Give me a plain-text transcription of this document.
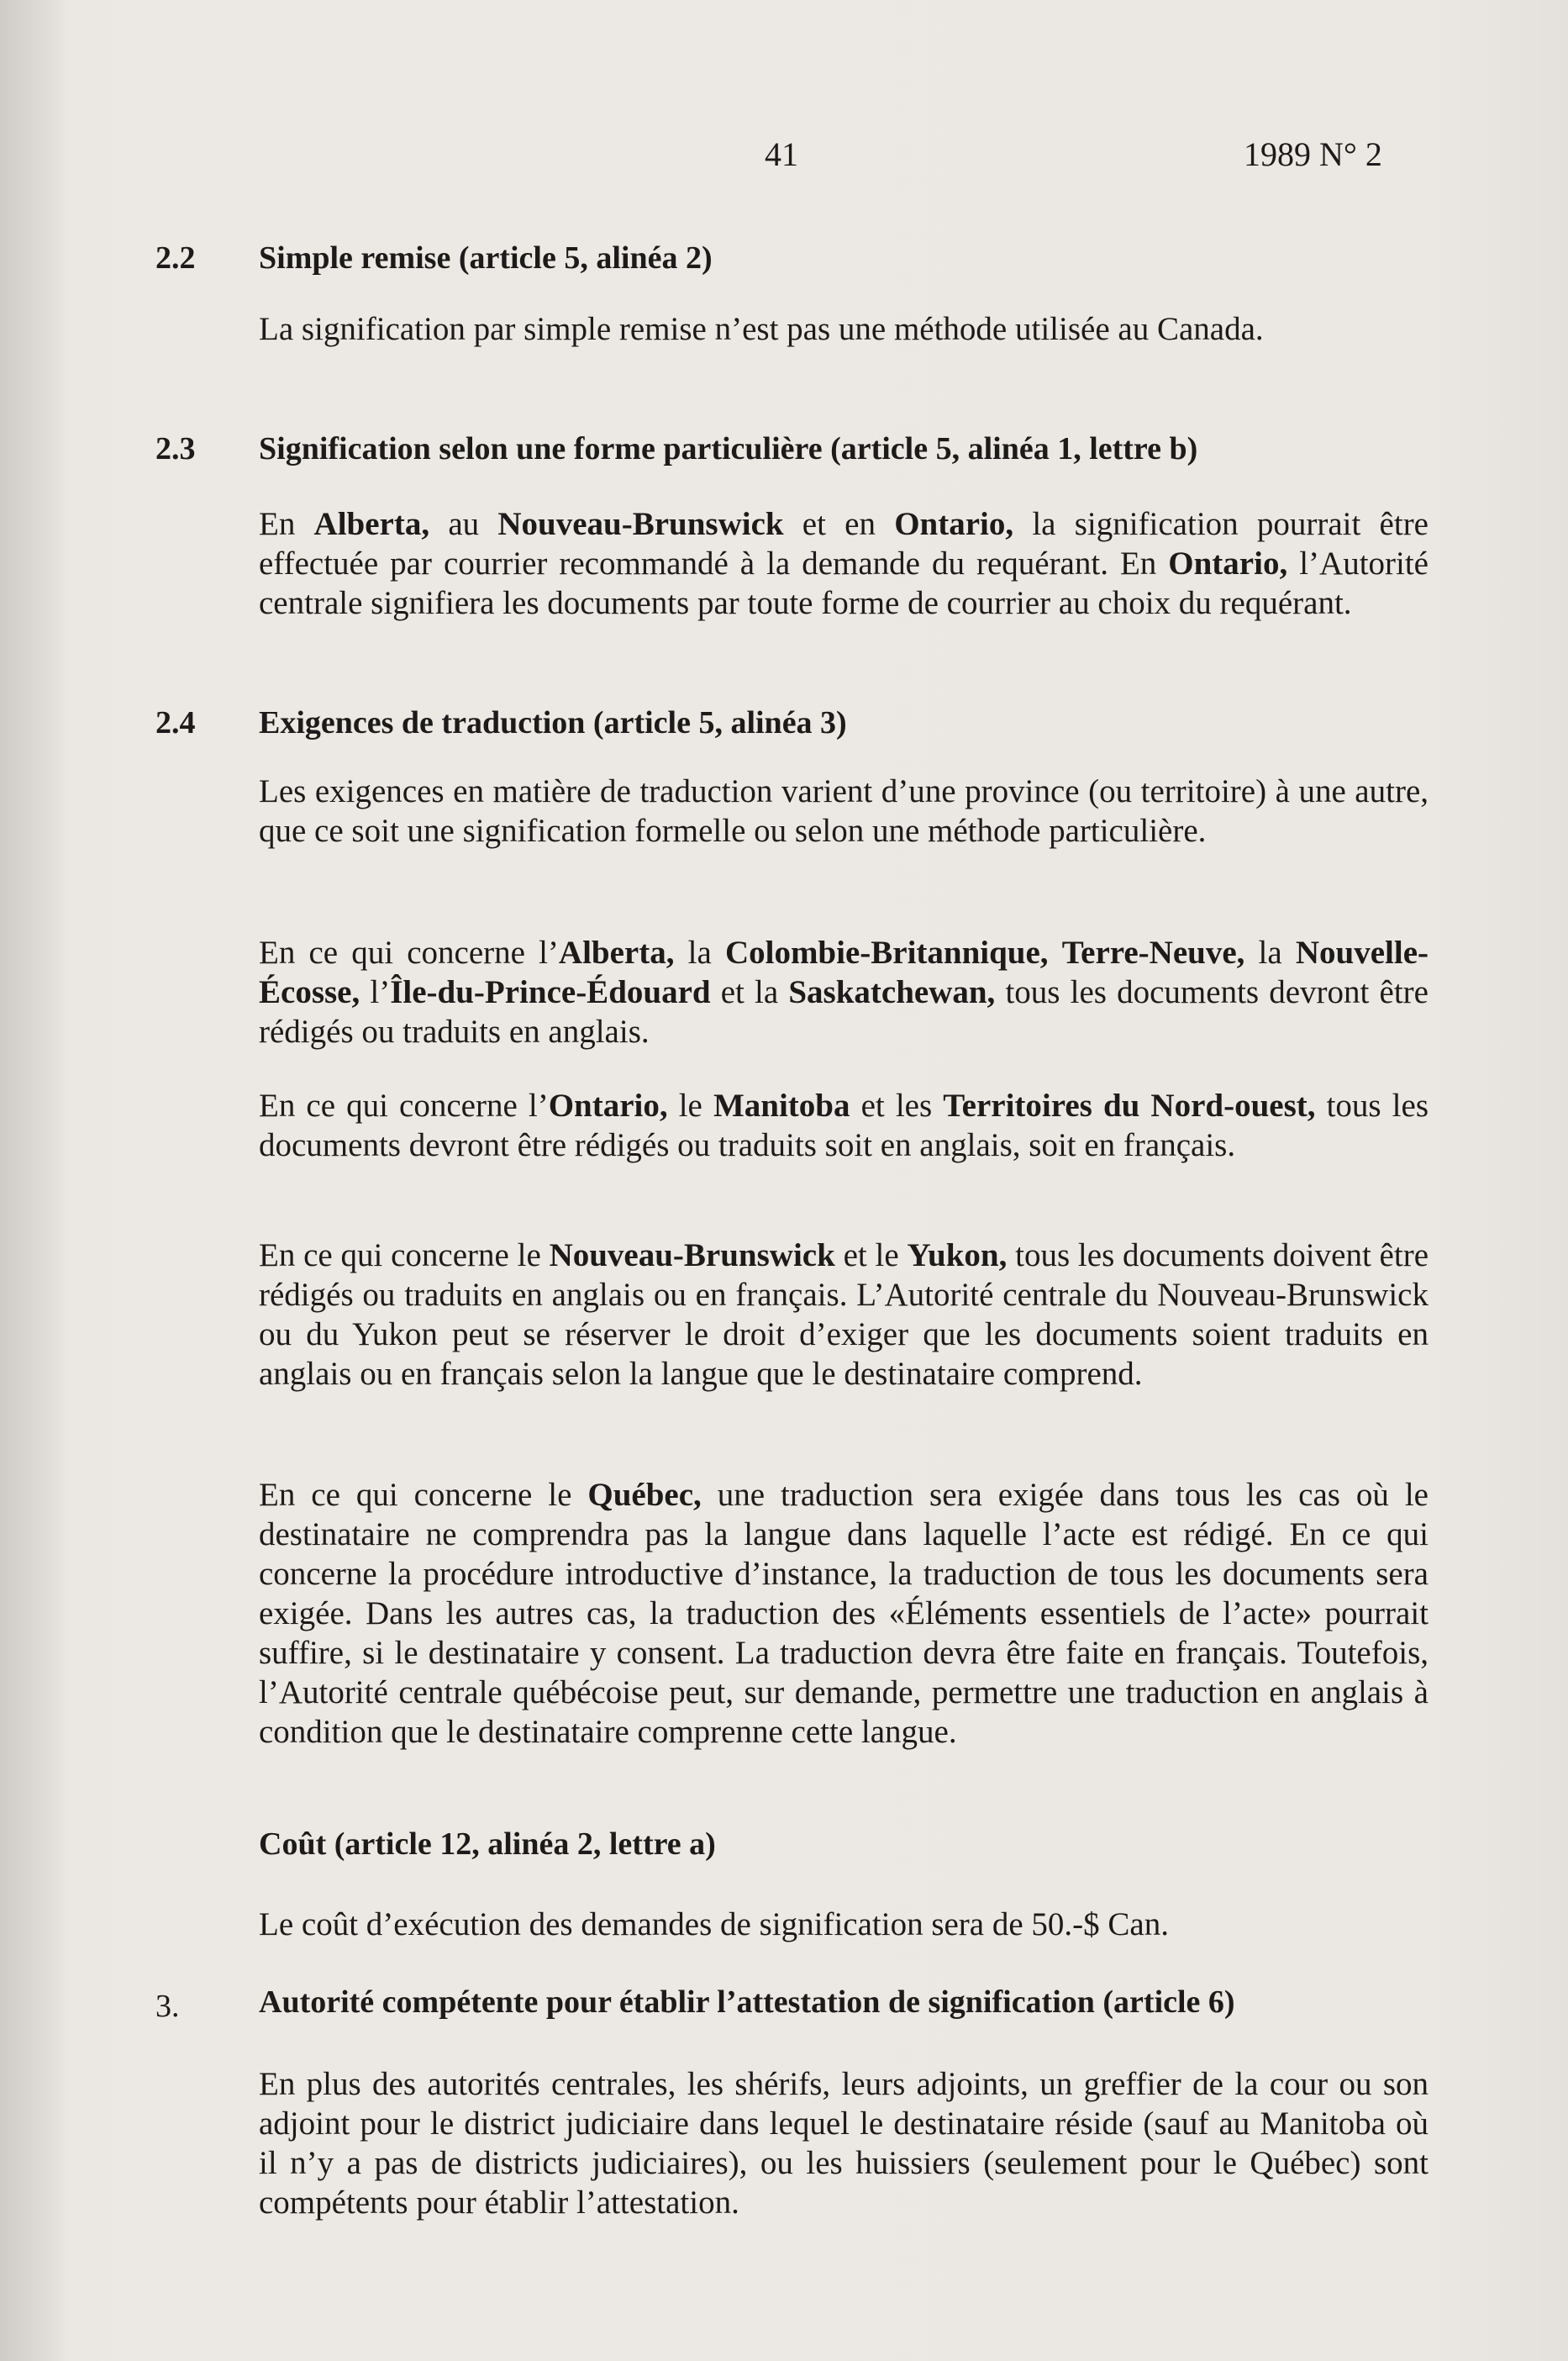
41	1989 N° 2
2.2 Simple remise (article 5, alinéa 2)

La signification par simple remise n’est pas une méthode utilisée au Canada.

2.3 Signification selon une forme particulière (article 5, alinéa 1, lettre b)

En Alberta, au Nouveau-Brunswick et en Ontario, la signification pourrait être effectuée par courrier recommandé à la demande du requérant. En Ontario, l’Autorité centrale signifiera les documents par toute forme de courrier au choix du requérant.

2.4 Exigences de traduction (article 5, alinéa 3)

Les exigences en matière de traduction varient d’une province (ou territoire) à une autre, que ce soit une signification formelle ou selon une méthode particulière.

En ce qui concerne l’Alberta, la Colombie-Britannique, Terre-Neuve, la Nouvelle-Écosse, l’Île-du-Prince-Édouard et la Saskatchewan, tous les documents devront être rédigés ou traduits en anglais.

En ce qui concerne l’Ontario, le Manitoba et les Territoires du Nord-ouest, tous les documents devront être rédigés ou traduits soit en anglais, soit en français.

En ce qui concerne le Nouveau-Brunswick et le Yukon, tous les documents doivent être rédigés ou traduits en anglais ou en français. L’Autorité centrale du Nouveau-Brunswick ou du Yukon peut se réserver le droit d’exiger que les documents soient traduits en anglais ou en français selon la langue que le destinataire comprend.

En ce qui concerne le Québec, une traduction sera exigée dans tous les cas où le destinataire ne comprendra pas la langue dans laquelle l’acte est rédigé. En ce qui concerne la procédure introductive d’instance, la traduction de tous les documents sera exigée. Dans les autres cas, la traduction des «Éléments essentiels de l’acte» pourrait suffire, si le destinataire y consent. La traduction devra être faite en français. Toutefois, l’Autorité centrale québécoise peut, sur demande, permettre une traduction en anglais à condition que le destinataire comprenne cette langue.

Coût (article 12, alinéa 2, lettre a)

Le coût d’exécution des demandes de signification sera de 50.-$ Can.

3. Autorité compétente pour établir l’attestation de signification (article 6)

En plus des autorités centrales, les shérifs, leurs adjoints, un greffier de la cour ou son adjoint pour le district judiciaire dans lequel le destinataire réside (sauf au Manitoba où il n’y a pas de districts judiciaires), ou les huissiers (seulement pour le Québec) sont compétents pour établir l’attestation.
